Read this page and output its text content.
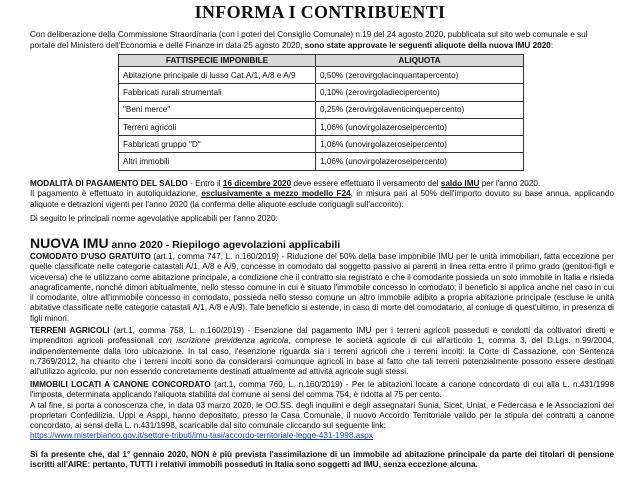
INFORMA I CONTRIBUENTI
Con deliberazione della Commissione Straordinaria (con i poteri del Consiglio Comunale) n.19 del 24 agosto 2020, pubblicata sul sito web comunale e sul portale del Ministero dell'Economia e delle Finanze in data 25 agosto 2020, sono state approvate le seguenti aliquote della nuova IMU 2020:
FATTISPECIE IMPONIBILE	ALIQUOTA
Abitazione principale di lusso Cat.A/1, A/8 e A/9	0,50% (zerovirgolacinquantapercento)
Fabbricati rurali strumentali	0,10% (zerovirgoladiecipercento)
"Beni merce"	0,25% (zerovirgolaventicinquepercento)
Terreni agricoli	1,06% (unovirgolazeroseipercento)
Fabbricati gruppo "D"	1,06% (unovirgolazeroseipercento)
Altri immobili	1,06% (unovirgolazeroseipercento)
MODALITÀ DI PAGAMENTO DEL SALDO - Entro il 16 dicembre 2020 deve essere effettuato il versamento del saldo IMU per l'anno 2020.
Il pagamento è effettuato in autoliquidazione, esclusivamente a mezzo modello F24, in misura pari al 50% dell'importo dovuto su base annua, applicando aliquote e detrazioni vigenti per l'anno 2020 (la conferma delle aliquote esclude conguagli sull'acconto).
Di seguito le principali norme agevolative applicabili per l'anno 2020:
NUOVA IMU anno 2020 - Riepilogo agevolazioni applicabili
COMODATO D'USO GRATUITO (art.1, comma 747, L. n.160/2019) - Riduzione del 50% della base imponibile IMU per le unità immobiliari, fatta eccezione per quelle classificate nelle categorie catastali A/1, A/8 e A/9, concesse in comodato dal soggetto passivo ai parenti in linea retta entro il primo grado (genitori-figli e viceversa) che le utilizzano come abitazione principale, a condizione che il contratto sia registrato e che il comodante possieda un solo immobile in Italia e risieda anagraficamente, nonché dimori abitualmente, nello stesso comune in cui è situato l'immobile concesso in comodato; il beneficio si applica anche nel caso in cui il comodante, oltre all'immobile concesso in comodato, possieda nello stesso comune un altro immobile adibito a propria abitazione principale (escluse le unità abitative classificate nelle categorie catastali A/1, A/8 e A/9). Tale beneficio si estende, in caso di morte del comodatario, al coniuge di quest'ultimo, in presenza di figli minori.
TERRENI AGRICOLI (art.1, comma 758, L. n.160/2019) - Esenzione dal pagamento IMU per i terreni agricoli posseduti e condotti da coltivatori diretti e imprenditori agricoli professionali con iscrizione previdenza agricola, comprese le società agricole di cui all'articolo 1, comma 3, del D.Lgs. n.99/2004, indipendentemente dalla loro ubicazione. In tal caso, l'esenzione riguarda sia i terreni agricoli che i terreni incolti: la Corte di Cassazione, con Sentenza n.7369/2012, ha chiarito che i terreni incolti sono da considerarsi comunque agricoli in base al fatto che tali terreni potenzialmente possono essere destinati all'utilizzo agricolo, pur non essendo concretamente destinati attualmente ad attività agricole sugli stessi.
IMMOBILI LOCATI A CANONE CONCORDATO (art.1, comma 760, L. n.160/2019) - Per le abitazioni locate a canone concordato di cui alla L. n.431/1998 l'imposta, determinata applicando l'aliquota stabilita dal comune ai sensi del comma 754, è ridotta al 75 per cento.
A tal fine, si porta a conoscenza che, in data 03 marzo 2020, le OO.SS. degli inquilini e degli assegnatari Sunia, Sicet, Uniat, e Federcasa e le Associazioni dei proprietari Confedilizia, Uppi e Asppi, hanno depositato, presso la Casa Comunale, il nuovo Accordo Territoriale valido per la stipula dei contratti a canone concordato, ai sensi della L. n.431/1998, scaricabile dal sito comunale cliccando sul seguente link:
https://www.misterbianco.gov.it/settore-tributi/imu-tasi/accordo-territoriale-legge-431-1998.aspx
Si fa presente che, dal 1° gennaio 2020, NON è più prevista l'assimilazione di un immobile ad abitazione principale da parte dei titolari di pensione iscritti all'AIRE: pertanto, TUTTI i relativi immobili posseduti in Italia sono soggetti ad IMU, senza eccezione alcuna.
